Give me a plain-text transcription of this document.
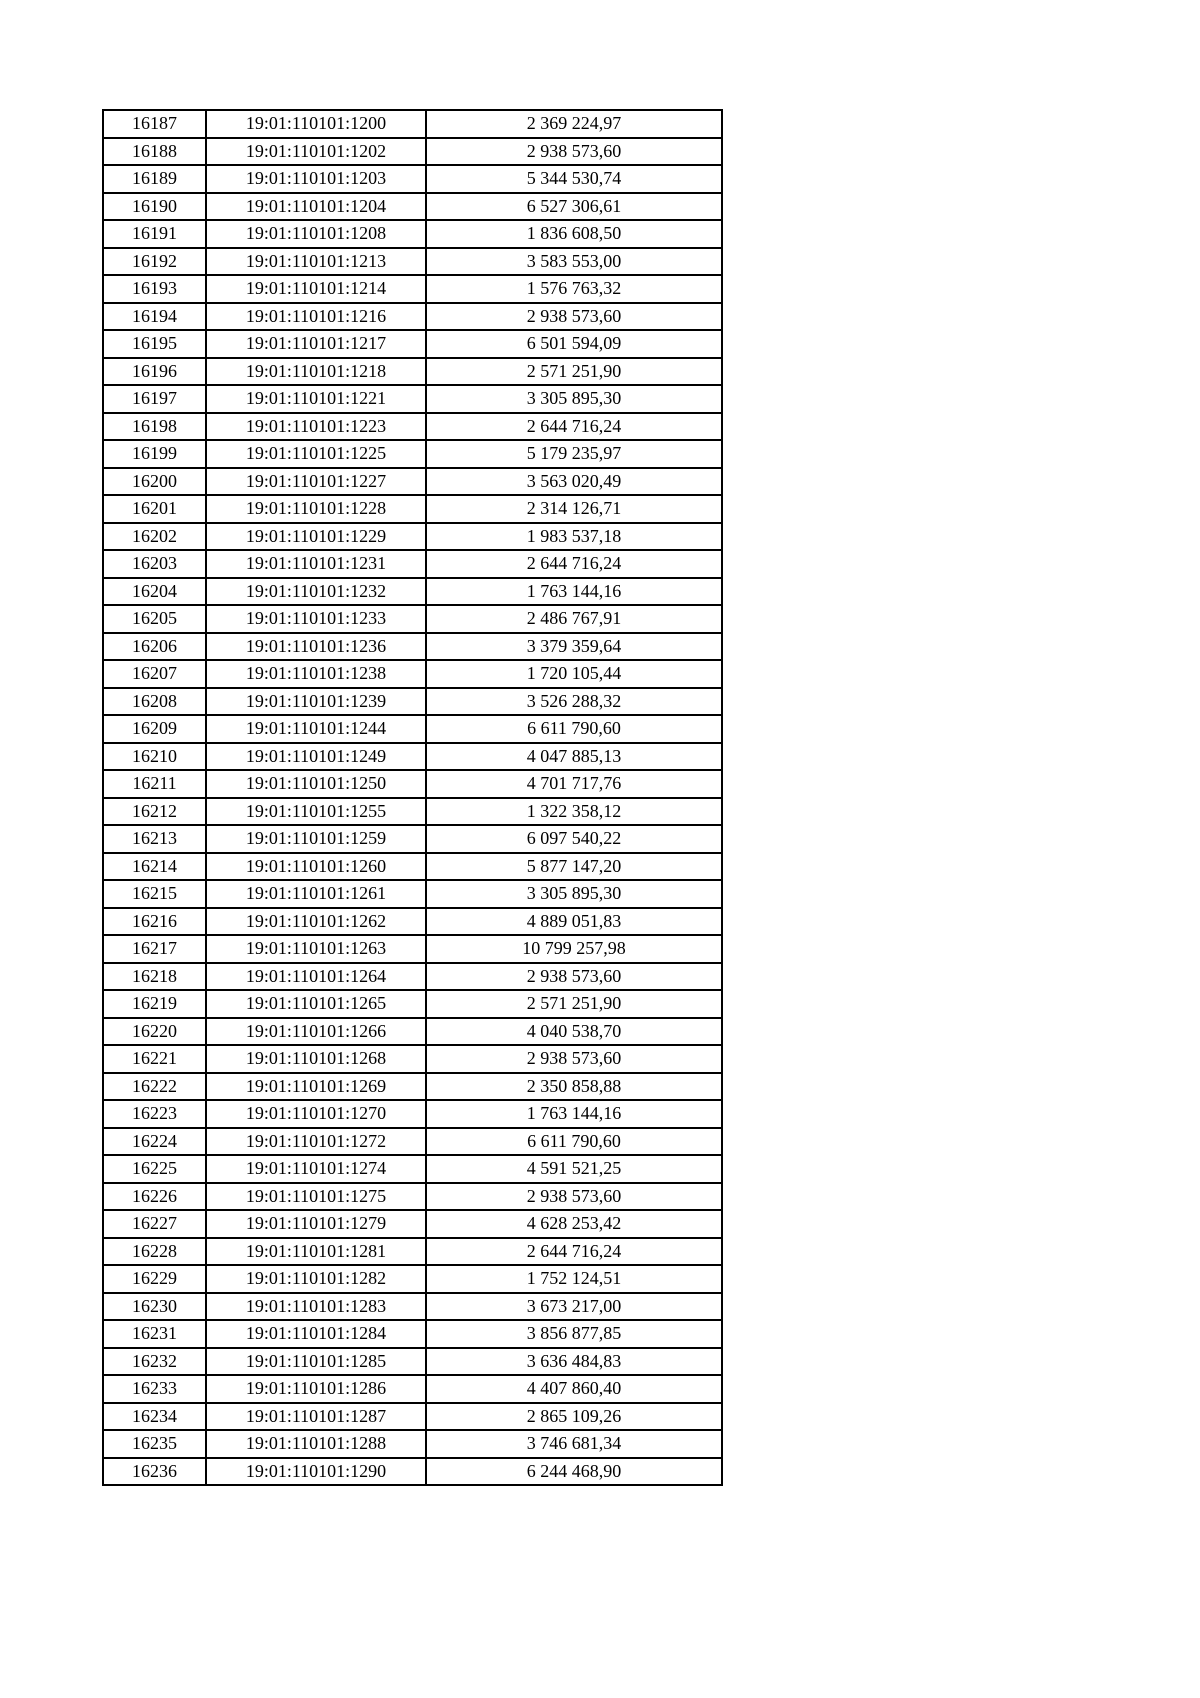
16187	19:01:110101:1200	2 369 224,97
16188	19:01:110101:1202	2 938 573,60
16189	19:01:110101:1203	5 344 530,74
16190	19:01:110101:1204	6 527 306,61
16191	19:01:110101:1208	1 836 608,50
16192	19:01:110101:1213	3 583 553,00
16193	19:01:110101:1214	1 576 763,32
16194	19:01:110101:1216	2 938 573,60
16195	19:01:110101:1217	6 501 594,09
16196	19:01:110101:1218	2 571 251,90
16197	19:01:110101:1221	3 305 895,30
16198	19:01:110101:1223	2 644 716,24
16199	19:01:110101:1225	5 179 235,97
16200	19:01:110101:1227	3 563 020,49
16201	19:01:110101:1228	2 314 126,71
16202	19:01:110101:1229	1 983 537,18
16203	19:01:110101:1231	2 644 716,24
16204	19:01:110101:1232	1 763 144,16
16205	19:01:110101:1233	2 486 767,91
16206	19:01:110101:1236	3 379 359,64
16207	19:01:110101:1238	1 720 105,44
16208	19:01:110101:1239	3 526 288,32
16209	19:01:110101:1244	6 611 790,60
16210	19:01:110101:1249	4 047 885,13
16211	19:01:110101:1250	4 701 717,76
16212	19:01:110101:1255	1 322 358,12
16213	19:01:110101:1259	6 097 540,22
16214	19:01:110101:1260	5 877 147,20
16215	19:01:110101:1261	3 305 895,30
16216	19:01:110101:1262	4 889 051,83
16217	19:01:110101:1263	10 799 257,98
16218	19:01:110101:1264	2 938 573,60
16219	19:01:110101:1265	2 571 251,90
16220	19:01:110101:1266	4 040 538,70
16221	19:01:110101:1268	2 938 573,60
16222	19:01:110101:1269	2 350 858,88
16223	19:01:110101:1270	1 763 144,16
16224	19:01:110101:1272	6 611 790,60
16225	19:01:110101:1274	4 591 521,25
16226	19:01:110101:1275	2 938 573,60
16227	19:01:110101:1279	4 628 253,42
16228	19:01:110101:1281	2 644 716,24
16229	19:01:110101:1282	1 752 124,51
16230	19:01:110101:1283	3 673 217,00
16231	19:01:110101:1284	3 856 877,85
16232	19:01:110101:1285	3 636 484,83
16233	19:01:110101:1286	4 407 860,40
16234	19:01:110101:1287	2 865 109,26
16235	19:01:110101:1288	3 746 681,34
16236	19:01:110101:1290	6 244 468,90
